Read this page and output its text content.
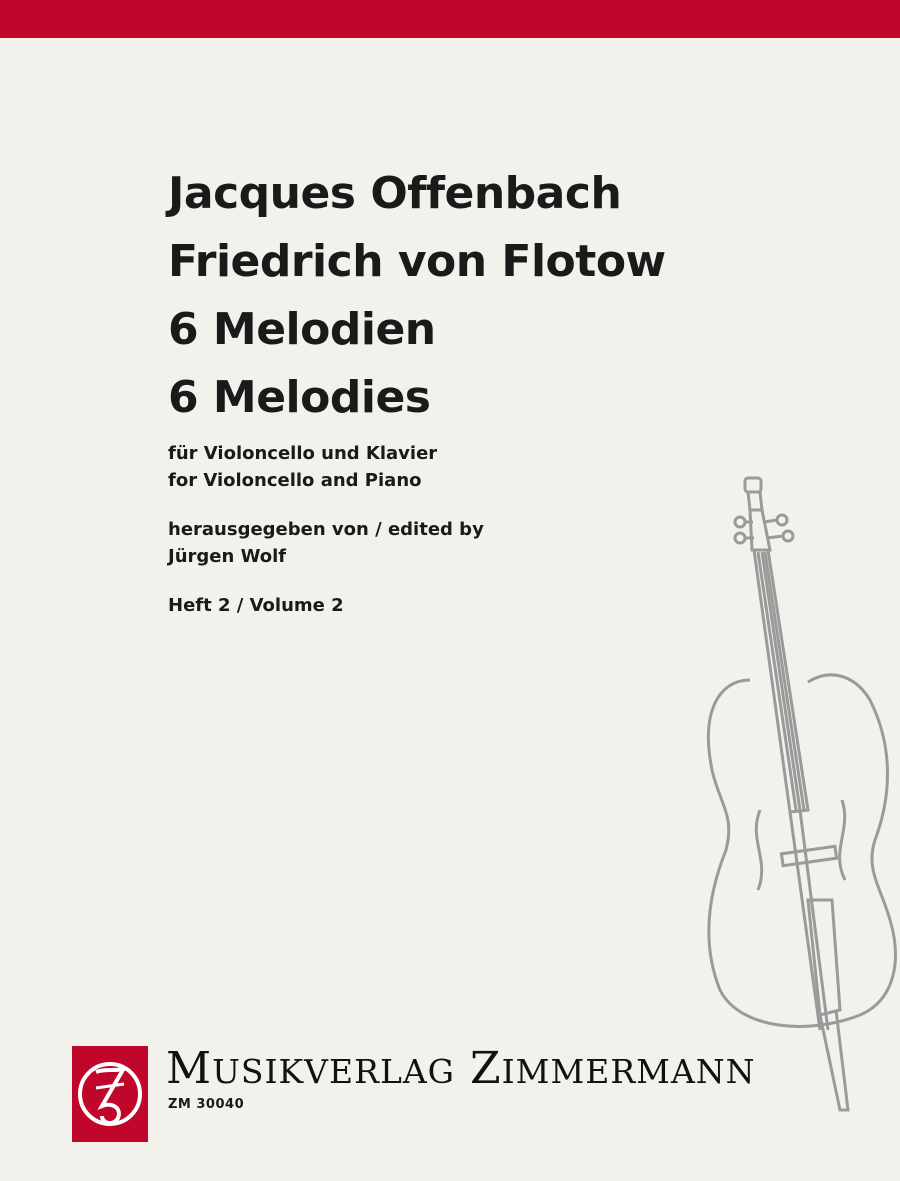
Jacques Offenbach
Friedrich von Flotow
6 Melodien
6 Melodies
für Violoncello und Klavier
for Violoncello and Piano
herausgegeben von / edited by
Jürgen Wolf
Heft 2 / Volume 2
MUSIKVERLAG ZIMMERMANN
ZM 30040
